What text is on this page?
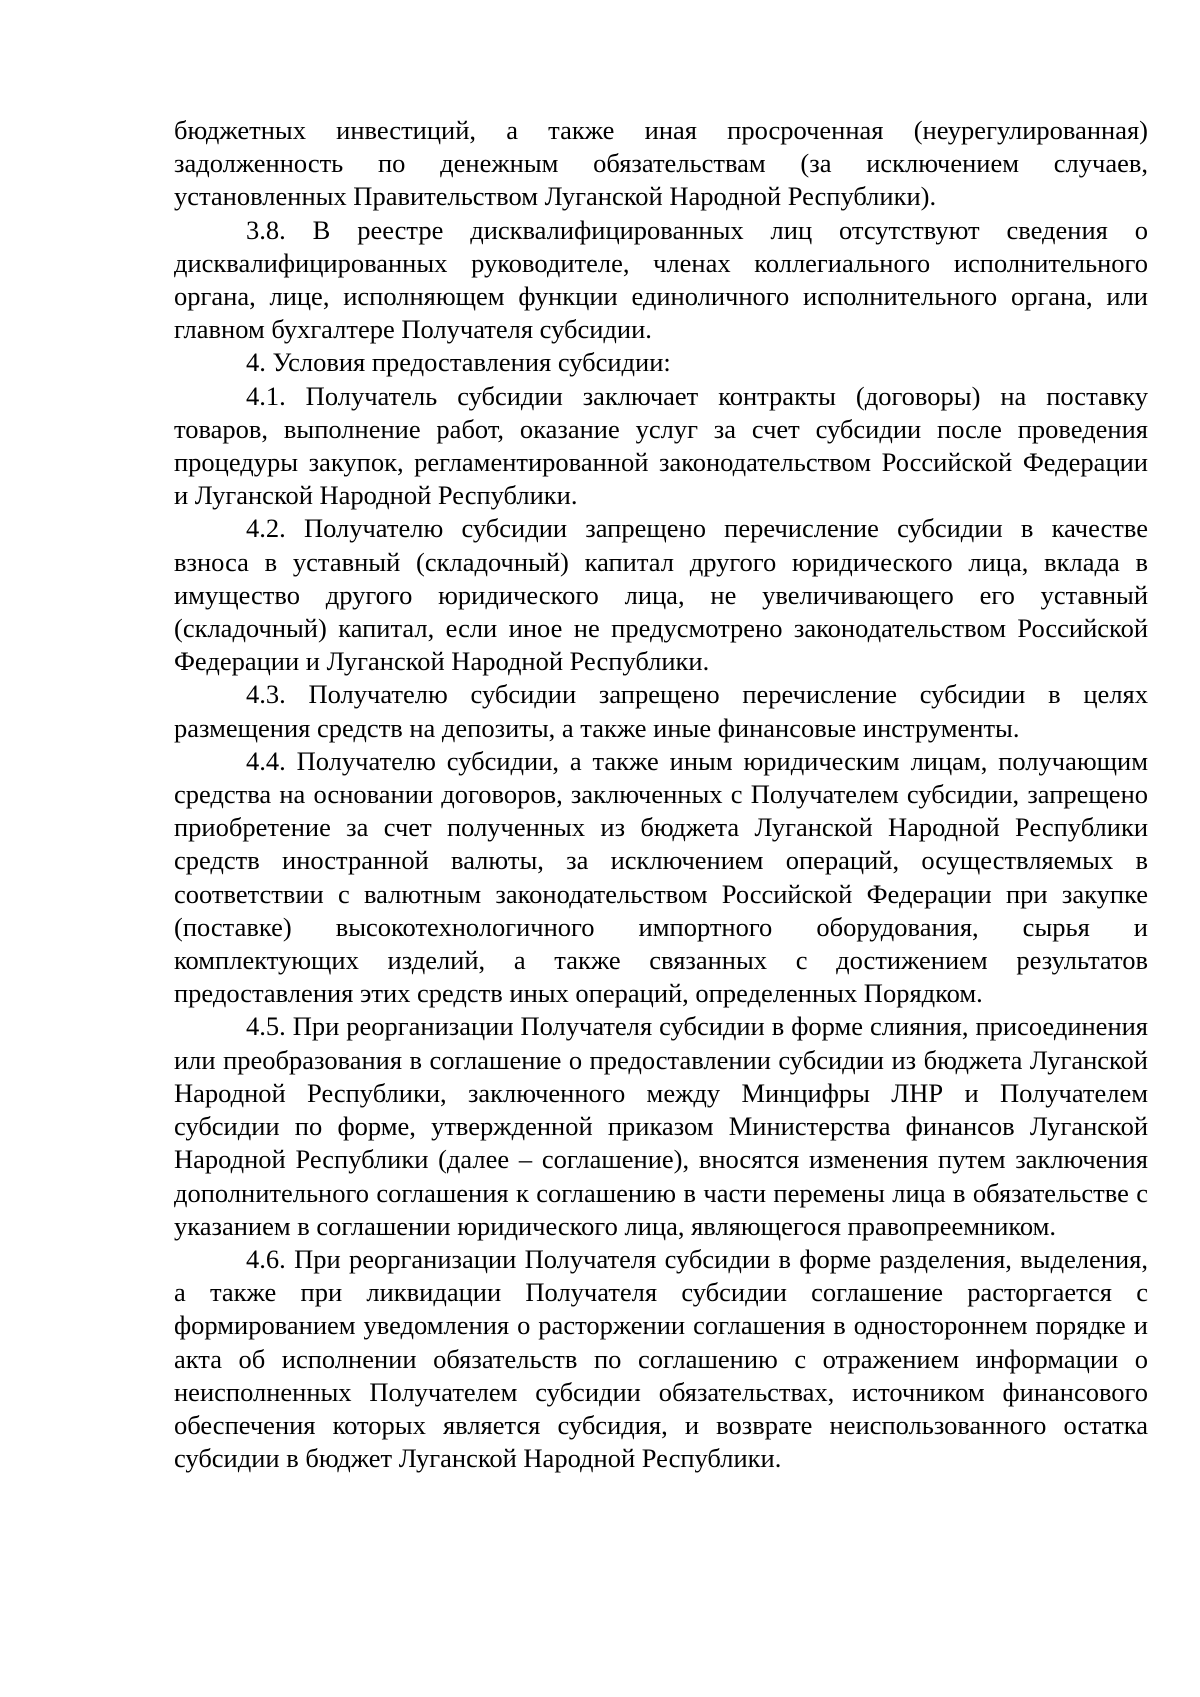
бюджетных инвестиций, а также иная просроченная (неурегулированная) задолженность по денежным обязательствам (за исключением случаев, установленных Правительством Луганской Народной Республики).

3.8. В реестре дисквалифицированных лиц отсутствуют сведения о дисквалифицированных руководителе, членах коллегиального исполнительного органа, лице, исполняющем функции единоличного исполнительного органа, или главном бухгалтере Получателя субсидии.

4. Условия предоставления субсидии:

4.1. Получатель субсидии заключает контракты (договоры) на поставку товаров, выполнение работ, оказание услуг за счет субсидии после проведения процедуры закупок, регламентированной законодательством Российской Федерации и Луганской Народной Республики.

4.2. Получателю субсидии запрещено перечисление субсидии в качестве взноса в уставный (складочный) капитал другого юридического лица, вклада в имущество другого юридического лица, не увеличивающего его уставный (складочный) капитал, если иное не предусмотрено законодательством Российской Федерации и Луганской Народной Республики.

4.3. Получателю субсидии запрещено перечисление субсидии в целях размещения средств на депозиты, а также иные финансовые инструменты.

4.4. Получателю субсидии, а также иным юридическим лицам, получающим средства на основании договоров, заключенных с Получателем субсидии, запрещено приобретение за счет полученных из бюджета Луганской Народной Республики средств иностранной валюты, за исключением операций, осуществляемых в соответствии с валютным законодательством Российской Федерации при закупке (поставке) высокотехнологичного импортного оборудования, сырья и комплектующих изделий, а также связанных с достижением результатов предоставления этих средств иных операций, определенных Порядком.

4.5. При реорганизации Получателя субсидии в форме слияния, присоединения или преобразования в соглашение о предоставлении субсидии из бюджета Луганской Народной Республики, заключенного между Минцифры ЛНР и Получателем субсидии по форме, утвержденной приказом Министерства финансов Луганской Народной Республики (далее – соглашение), вносятся изменения путем заключения дополнительного соглашения к соглашению в части перемены лица в обязательстве с указанием в соглашении юридического лица, являющегося правопреемником.

4.6. При реорганизации Получателя субсидии в форме разделения, выделения, а также при ликвидации Получателя субсидии соглашение расторгается с формированием уведомления о расторжении соглашения в одностороннем порядке и акта об исполнении обязательств по соглашению с отражением информации о неисполненных Получателем субсидии обязательствах, источником финансового обеспечения которых является субсидия, и возврате неиспользованного остатка субсидии в бюджет Луганской Народной Республики.
